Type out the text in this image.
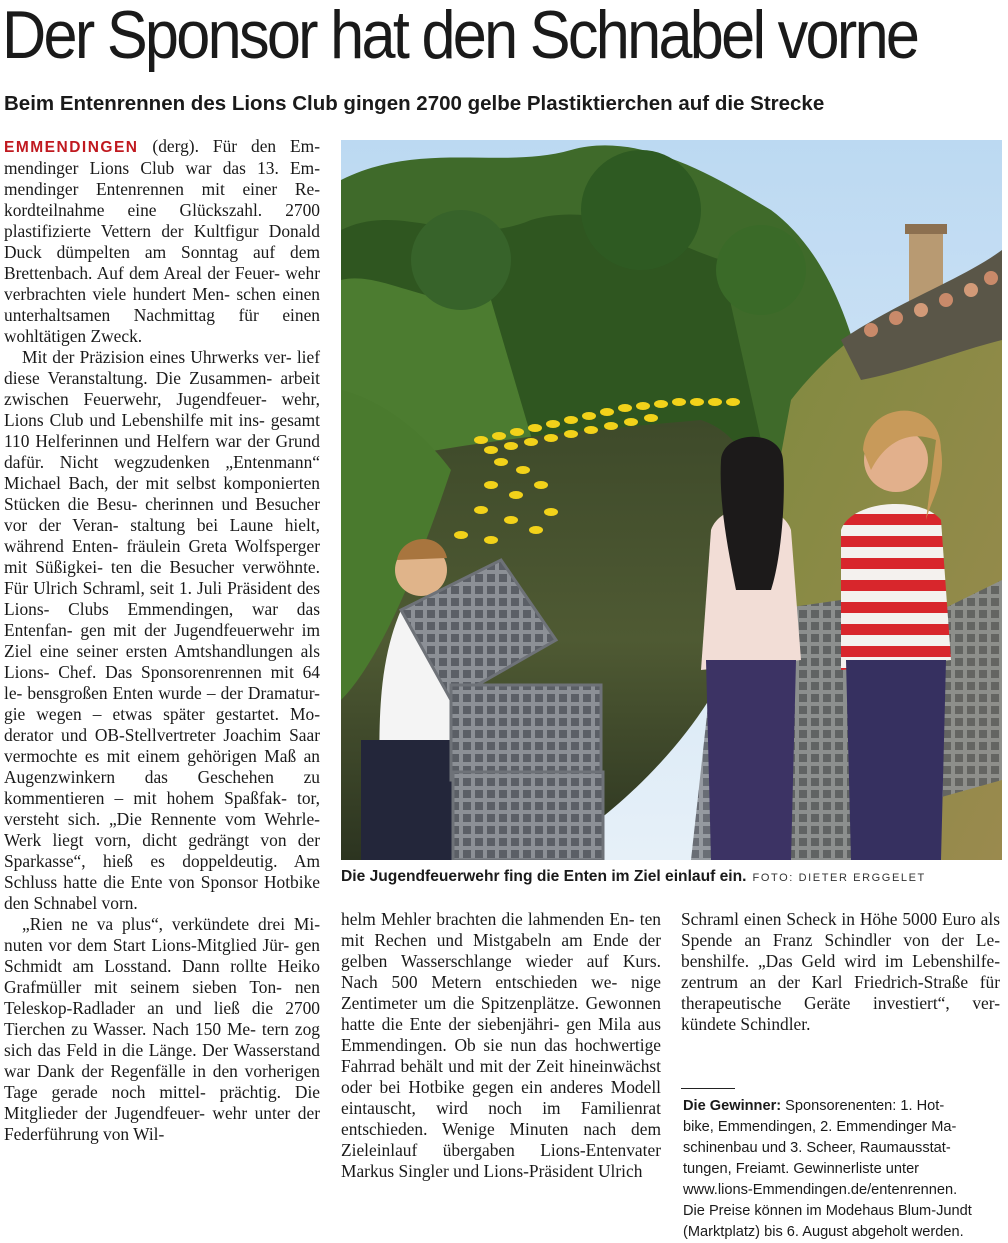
Der Sponsor hat den Schnabel vorne
Beim Entenrennen des Lions Club gingen 2700 gelbe Plastiktierchen auf die Strecke

EMMENDINGEN (derg). Für den Em- mendinger Lions Club war das 13. Em- mendinger Entenrennen mit einer Re- kordteilnahme eine Glückszahl. 2700 plastifizierte Vettern der Kultfigur Donald Duck dümpelten am Sonntag auf dem Brettenbach. Auf dem Areal der Feuer- wehr verbrachten viele hundert Men- schen einen unterhaltsamen Nachmittag für einen wohltätigen Zweck.

Mit der Präzision eines Uhrwerks ver- lief diese Veranstaltung. Die Zusammen- arbeit zwischen Feuerwehr, Jugendfeuer- wehr, Lions Club und Lebenshilfe mit ins- gesamt 110 Helferinnen und Helfern war der Grund dafür. Nicht wegzudenken „Entenmann“ Michael Bach, der mit selbst komponierten Stücken die Besu- cherinnen und Besucher vor der Veran- staltung bei Laune hielt, während Enten- fräulein Greta Wolfsperger mit Süßigkei- ten die Besucher verwöhnte. Für Ulrich Schraml, seit 1. Juli Präsident des Lions- Clubs Emmendingen, war das Entenfan- gen mit der Jugendfeuerwehr im Ziel eine seiner ersten Amtshandlungen als Lions- Chef. Das Sponsorenrennen mit 64 le- bensgroßen Enten wurde – der Dramatur- gie wegen – etwas später gestartet. Mo- derator und OB-Stellvertreter Joachim Saar vermochte es mit einem gehörigen Maß an Augenzwinkern das Geschehen zu kommentieren – mit hohem Spaßfak- tor, versteht sich. „Die Rennente vom Wehrle-Werk liegt vorn, dicht gedrängt von der Sparkasse“, hieß es doppeldeutig. Am Schluss hatte die Ente von Sponsor Hotbike den Schnabel vorn.

„Rien ne va plus“, verkündete drei Mi- nuten vor dem Start Lions-Mitglied Jür- gen Schmidt am Losstand. Dann rollte Heiko Grafmüller mit seinem sieben Ton- nen Teleskop-Radlader an und ließ die 2700 Tierchen zu Wasser. Nach 150 Me- tern zog sich das Feld in die Länge. Der Wasserstand war Dank der Regenfälle in den vorherigen Tage gerade noch mittel- prächtig. Die Mitglieder der Jugendfeuer- wehr unter der Federführung von Wil-

Die Jugendfeuerwehr fing die Enten im Ziel einlauf ein. FOTO: DIETER ERGGELET

helm Mehler brachten die lahmenden En- ten mit Rechen und Mistgabeln am Ende der gelben Wasserschlange wieder auf Kurs. Nach 500 Metern entschieden we- nige Zentimeter um die Spitzenplätze. Gewonnen hatte die Ente der siebenjähri- gen Mila aus Emmendingen. Ob sie nun das hochwertige Fahrrad behält und mit der Zeit hineinwächst oder bei Hotbike gegen ein anderes Modell eintauscht, wird noch im Familienrat entschieden. Wenige Minuten nach dem Zieleinlauf übergaben Lions-Entenvater Markus Singler und Lions-Präsident Ulrich

Schraml einen Scheck in Höhe 5000 Euro als Spende an Franz Schindler von der Le- benshilfe. „Das Geld wird im Lebenshilfe- zentrum an der Karl Friedrich-Straße für therapeutische Geräte investiert“, ver- kündete Schindler.

Die Gewinner: Sponsorenenten: 1. Hot-
bike, Emmendingen, 2. Emmendinger Ma-
schinenbau und 3. Scheer, Raumausstat-
tungen, Freiamt. Gewinnerliste unter
www.lions-Emmendingen.de/entenrennen.
Die Preise können im Modehaus Blum-Jundt
(Marktplatz) bis 6. August abgeholt werden.
